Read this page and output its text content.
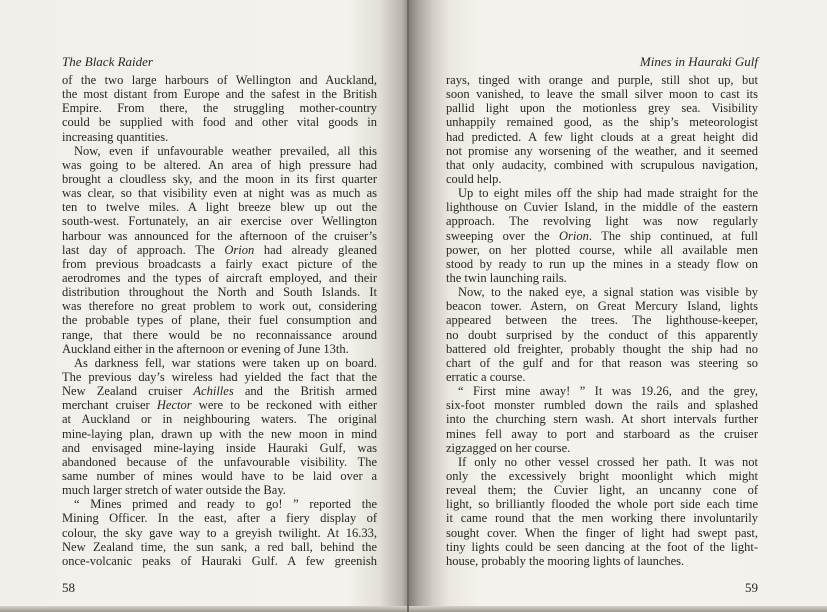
The Black Raider
of the two large harbours of Wellington and Auckland,
the most distant from Europe and the safest in the British
Empire. From there, the struggling mother-country
could be supplied with food and other vital goods in
increasing quantities.
Now, even if unfavourable weather prevailed, all this
was going to be altered. An area of high pressure had
brought a cloudless sky, and the moon in its first quarter
was clear, so that visibility even at night was as much as
ten to twelve miles. A light breeze blew up out the
south-west. Fortunately, an air exercise over Wellington
harbour was announced for the afternoon of the cruiser’s
last day of approach. The Orion had already gleaned
from previous broadcasts a fairly exact picture of the
aerodromes and the types of aircraft employed, and their
distribution throughout the North and South Islands. It
was therefore no great problem to work out, considering
the probable types of plane, their fuel consumption and
range, that there would be no reconnaissance around
Auckland either in the afternoon or evening of June 13th.
As darkness fell, war stations were taken up on board.
The previous day’s wireless had yielded the fact that the
New Zealand cruiser Achilles and the British armed
merchant cruiser Hector were to be reckoned with either
at Auckland or in neighbouring waters. The original
mine-laying plan, drawn up with the new moon in mind
and envisaged mine-laying inside Hauraki Gulf, was
abandoned because of the unfavourable visibility. The
same number of mines would have to be laid over a
much larger stretch of water outside the Bay.
“ Mines primed and ready to go! ” reported the
Mining Officer. In the east, after a fiery display of
colour, the sky gave way to a greyish twilight. At 16.33,
New Zealand time, the sun sank, a red ball, behind the
once-volcanic peaks of Hauraki Gulf. A few greenish
58
Mines in Hauraki Gulf
rays, tinged with orange and purple, still shot up, but
soon vanished, to leave the small silver moon to cast its
pallid light upon the motionless grey sea. Visibility
unhappily remained good, as the ship’s meteorologist
had predicted. A few light clouds at a great height did
not promise any worsening of the weather, and it seemed
that only audacity, combined with scrupulous navigation,
could help.
Up to eight miles off the ship had made straight for the
lighthouse on Cuvier Island, in the middle of the eastern
approach. The revolving light was now regularly
sweeping over the Orion. The ship continued, at full
power, on her plotted course, while all available men
stood by ready to run up the mines in a steady flow on
the twin launching rails.
Now, to the naked eye, a signal station was visible by
beacon tower. Astern, on Great Mercury Island, lights
appeared between the trees. The lighthouse-keeper,
no doubt surprised by the conduct of this apparently
battered old freighter, probably thought the ship had no
chart of the gulf and for that reason was steering so
erratic a course.
“ First mine away! ” It was 19.26, and the grey,
six-foot monster rumbled down the rails and splashed
into the churching stern wash. At short intervals further
mines fell away to port and starboard as the cruiser
zigzagged on her course.
If only no other vessel crossed her path. It was not
only the excessively bright moonlight which might
reveal them; the Cuvier light, an uncanny cone of
light, so brilliantly flooded the whole port side each time
it came round that the men working there involuntarily
sought cover. When the finger of light had swept past,
tiny lights could be seen dancing at the foot of the light-
house, probably the mooring lights of launches.
59
